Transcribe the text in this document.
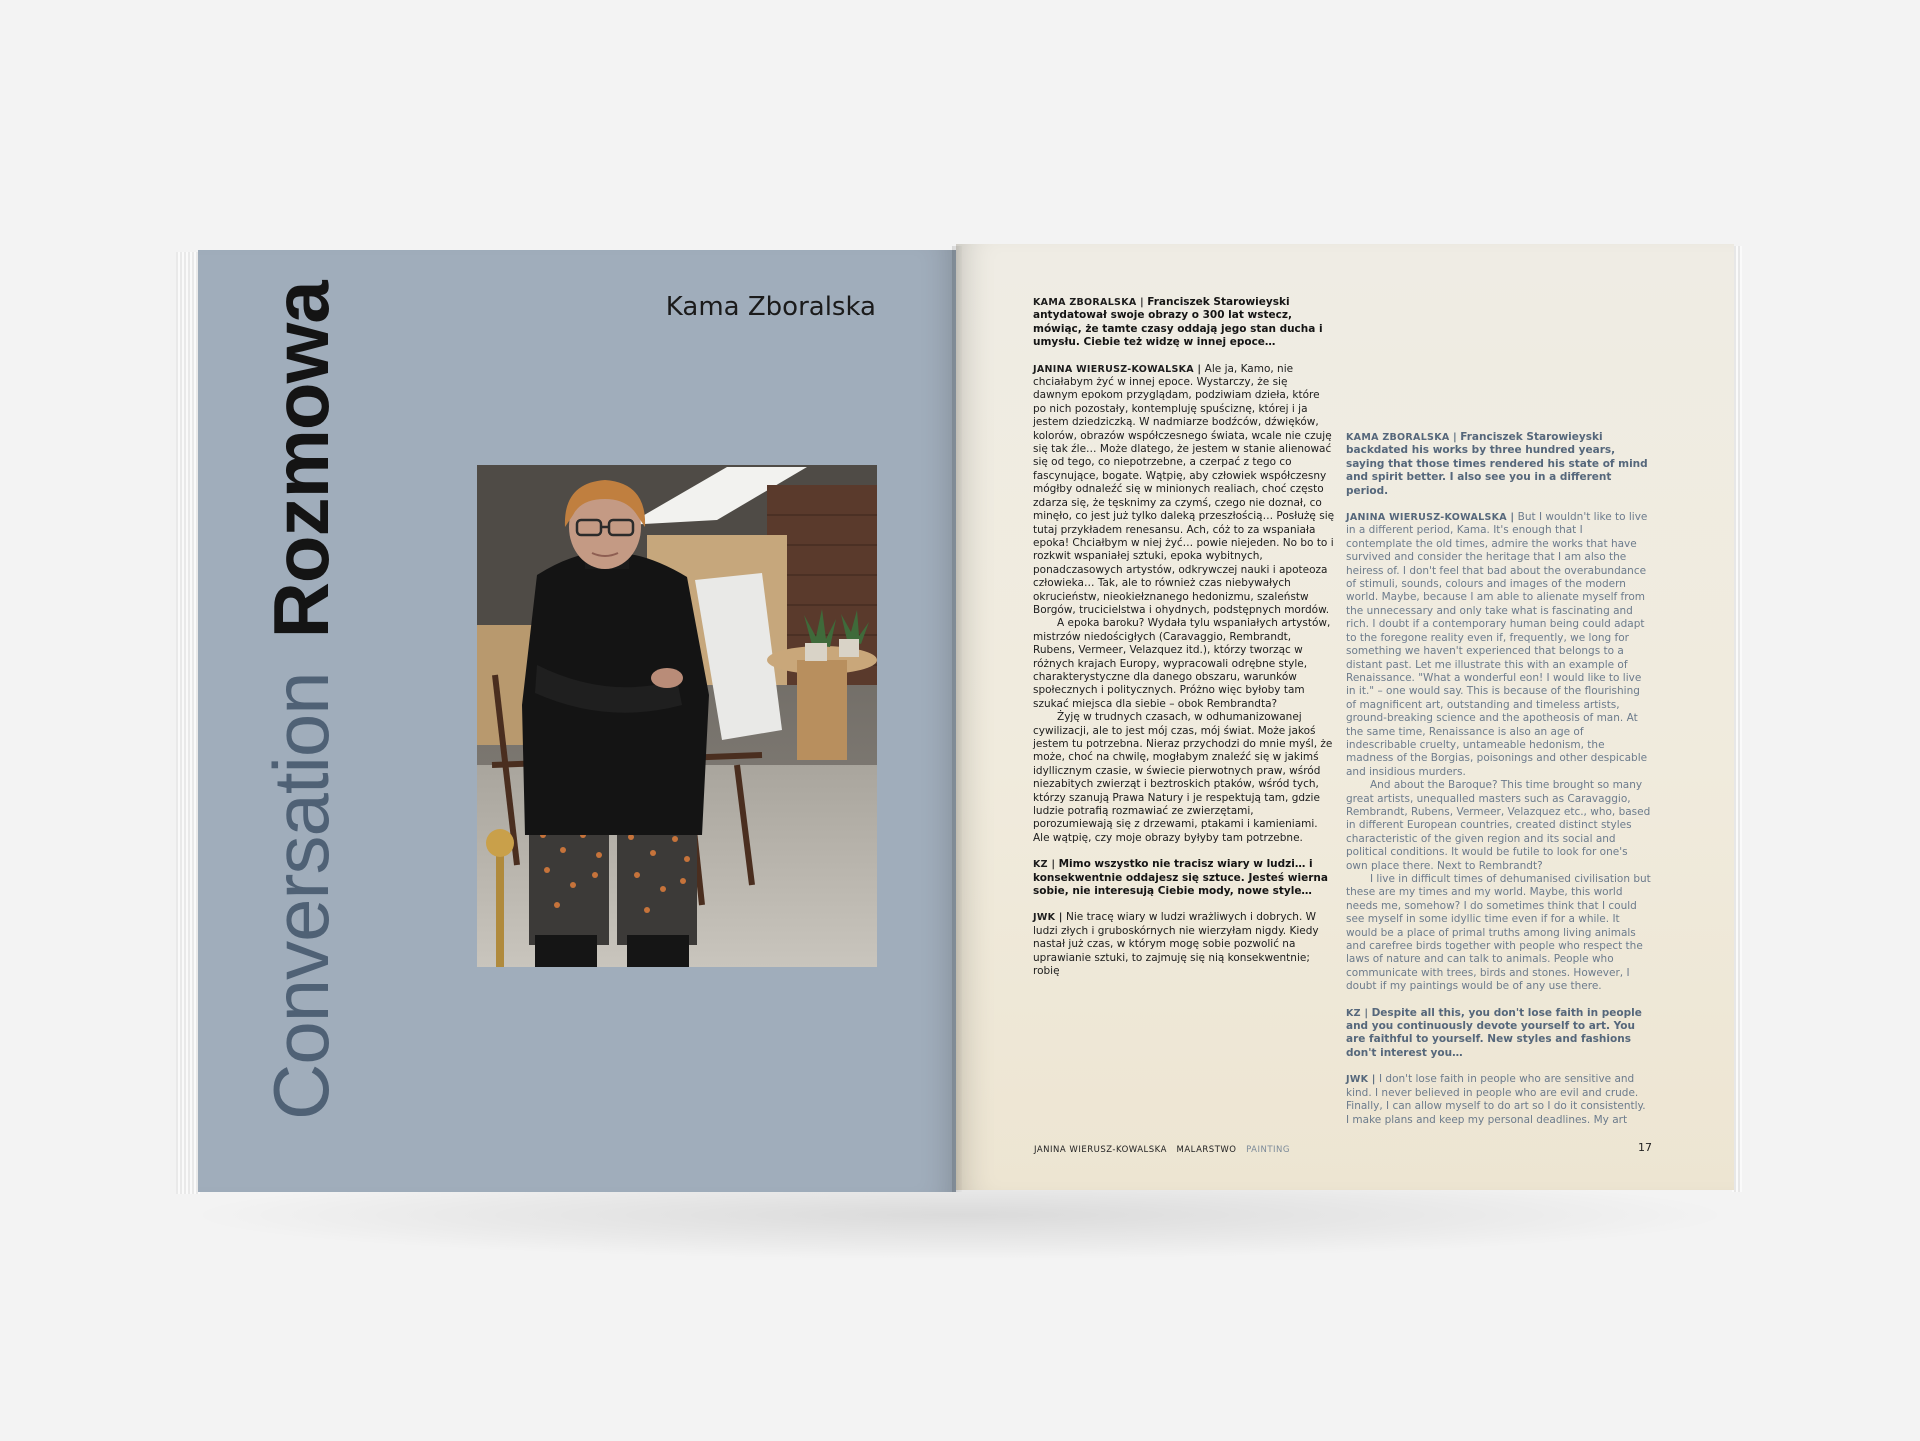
ConversationRozmowa	Kama Zboralska	KAMA ZBORALSKA | Franciszek Starowieyski antydatował swoje obrazy o 300 lat wstecz, mówiąc, że tamte czasy oddają jego stan ducha i umysłu. Ciebie też widzę w innej epoce…

JANINA WIERUSZ-KOWALSKA | Ale ja, Kamo, nie chciałabym żyć w innej epoce. Wystarczy, że się dawnym epokom przyglądam, podziwiam dzieła, które po nich pozostały, kontempluję spuściznę, której i ja jestem dziedziczką. W nadmiarze bodźców, dźwięków, kolorów, obrazów współczesnego świata, wcale nie czuję się tak źle… Może dlatego, że jestem w stanie alienować się od tego, co niepotrzebne, a czerpać z tego co fascynujące, bogate. Wątpię, aby człowiek współczesny mógłby odnaleźć się w minionych realiach, choć często zdarza się, że tęsknimy za czymś, czego nie doznał, co minęło, co jest już tylko daleką przeszłością… Posłużę się tutaj przykładem renesansu. Ach, cóż to za wspaniała epoka! Chciałbym w niej żyć… powie niejeden. No bo to i rozkwit wspaniałej sztuki, epoka wybitnych, ponadczasowych artystów, odkrywczej nauki i apoteoza człowieka… Tak, ale to również czas niebywałych okrucieństw, nieokiełznanego hedonizmu, szaleństw Borgów, trucicielstwa i ohydnych, podstępnych mordów.

A epoka baroku? Wydała tylu wspaniałych artystów, mistrzów niedościgłych (Caravaggio, Rembrandt, Rubens, Vermeer, Velazquez itd.), którzy tworząc w różnych krajach Europy, wypracowali odrębne style, charakterystyczne dla danego obszaru, warunków społecznych i politycznych. Próżno więc byłoby tam szukać miejsca dla siebie – obok Rembrandta?

Żyję w trudnych czasach, w odhumanizowanej cywilizacji, ale to jest mój czas, mój świat. Może jakoś jestem tu potrzebna. Nieraz przychodzi do mnie myśl, że może, choć na chwilę, mogłabym znaleźć się w jakimś idyllicznym czasie, w świecie pierwotnych praw, wśród niezabitych zwierząt i beztroskich ptaków, wśród tych, którzy szanują Prawa Natury i je respektują tam, gdzie ludzie potrafią rozmawiać ze zwierzętami, porozumiewają się z drzewami, ptakami i kamieniami. Ale wątpię, czy moje obrazy byłyby tam potrzebne.

KZ | Mimo wszystko nie tracisz wiary w ludzi… i konsekwentnie oddajesz się sztuce. Jesteś wierna sobie, nie interesują Ciebie mody, nowe style…

JWK | Nie tracę wiary w ludzi wrażliwych i dobrych. W ludzi złych i gruboskórnych nie wierzyłam nigdy. Kiedy nastał już czas, w którym mogę sobie pozwolić na uprawianie sztuki, to zajmuję się nią konsekwentnie; robię

KAMA ZBORALSKA | Franciszek Starowieyski backdated his works by three hundred years, saying that those times rendered his state of mind and spirit better. I also see you in a different period.

JANINA WIERUSZ-KOWALSKA | But I wouldn't like to live in a different period, Kama. It's enough that I contemplate the old times, admire the works that have survived and consider the heritage that I am also the heiress of. I don't feel that bad about the overabundance of stimuli, sounds, colours and images of the modern world. Maybe, because I am able to alienate myself from the unnecessary and only take what is fascinating and rich. I doubt if a contemporary human being could adapt to the foregone reality even if, frequently, we long for something we haven't experienced that belongs to a distant past. Let me illustrate this with an example of Renaissance. "What a wonderful eon! I would like to live in it." – one would say. This is because of the flourishing of magnificent art, outstanding and timeless artists, ground-breaking science and the apotheosis of man. At the same time, Renaissance is also an age of indescribable cruelty, untameable hedonism, the madness of the Borgias, poisonings and other despicable and insidious murders.

And about the Baroque? This time brought so many great artists, unequalled masters such as Caravaggio, Rembrandt, Rubens, Vermeer, Velazquez etc., who, based in different European countries, created distinct styles characteristic of the given region and its social and political conditions. It would be futile to look for one's own place there. Next to Rembrandt?

I live in difficult times of dehumanised civilisation but these are my times and my world. Maybe, this world needs me, somehow? I do sometimes think that I could see myself in some idyllic time even if for a while. It would be a place of primal truths among living animals and carefree birds together with people who respect the laws of nature and can talk to animals. People who communicate with trees, birds and stones. However, I doubt if my paintings would be of any use there.

KZ | Despite all this, you don't lose faith in people and you continuously devote yourself to art. You are faithful to yourself. New styles and fashions don't interest you…

JWK | I don't lose faith in people who are sensitive and kind. I never believed in people who are evil and crude. Finally, I can allow myself to do art so I do it consistently. I make plans and keep my personal deadlines. My art

JANINA WIERUSZ-KOWALSKA MALARSTWO PAINTING	17
